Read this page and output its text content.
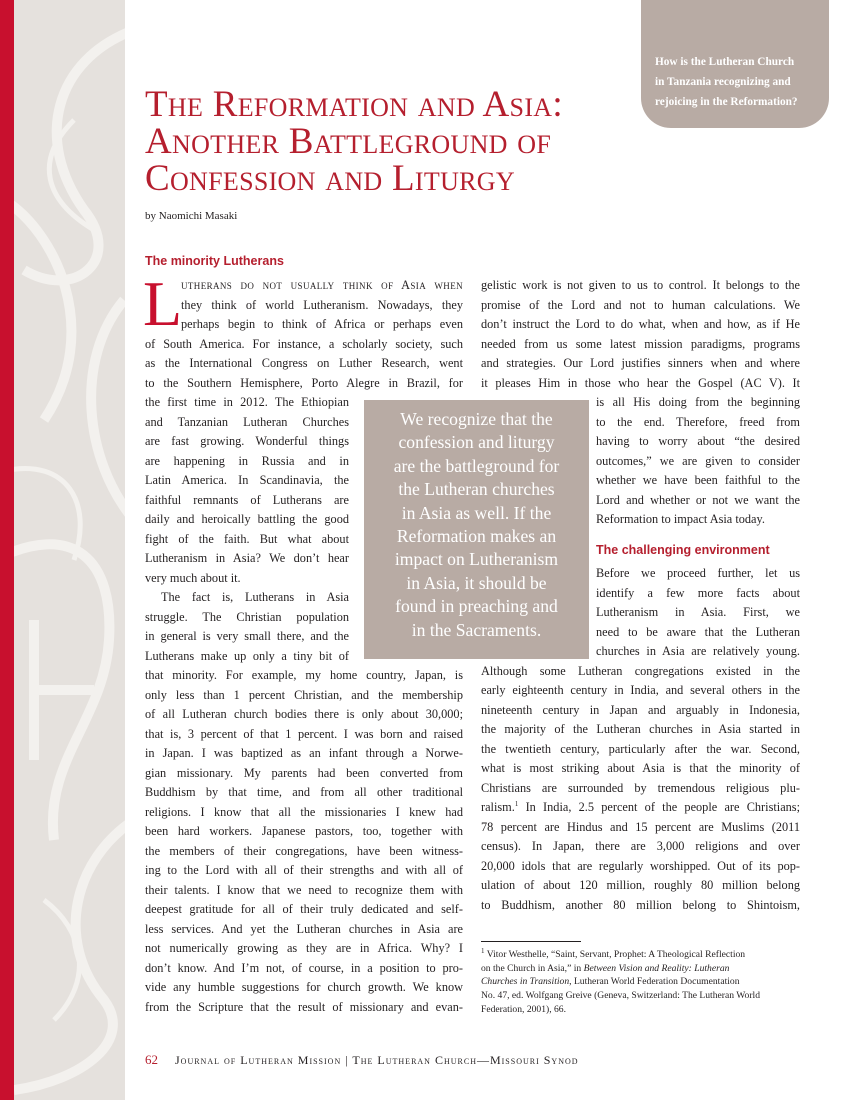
How is the Lutheran Church
in Tanzania recognizing and
rejoicing in the Reformation?

The Reformation and Asia:
Another Battleground of
Confession and Liturgy
by Naomichi Masaki
The minority Lutherans
L
utherans do not usually think of Asia when
they think of world Lutheranism. Nowadays, they
perhaps begin to think of Africa or perhaps even
of South America. For instance, a scholarly society, such
as the International Congress on Luther Research, went
to the Southern Hemisphere, Porto Alegre in Brazil, for
the first time in 2012. The Ethiopian
and Tanzanian Lutheran Churches
are fast growing. Wonderful things
are happening in Russia and in
Latin America. In Scandinavia, the
faithful remnants of Lutherans are
daily and heroically battling the good
fight of the faith. But what about
Lutheranism in Asia? We don’t hear
very much about it.
The fact is, Lutherans in Asia
struggle. The Christian population
in general is very small there, and the
Lutherans make up only a tiny bit of
that minority. For example, my home country, Japan, is
only less than 1 percent Christian, and the membership
of all Lutheran church bodies there is only about 30,000;
that is, 3 percent of that 1 percent. I was born and raised
in Japan. I was baptized as an infant through a Norwe-
gian missionary. My parents had been converted from
Buddhism by that time, and from all other traditional
religions. I know that all the missionaries I knew had
been hard workers. Japanese pastors, too, together with
the members of their congregations, have been witness-
ing to the Lord with all of their strengths and with all of
their talents. I know that we need to recognize them with
deepest gratitude for all of their truly dedicated and self-
less services. And yet the Lutheran churches in Asia are
not numerically growing as they are in Africa. Why? I
don’t know. And I’m not, of course, in a position to pro-
vide any humble suggestions for church growth. We know
from the Scripture that the result of missionary and evan-
We recognize that the
confession and liturgy
are the battleground for
the Lutheran churches
in Asia as well. If the
Reformation makes an
impact on Lutheranism
in Asia, it should be
found in preaching and
in the Sacraments.
gelistic work is not given to us to control. It belongs to the
promise of the Lord and not to human calculations. We
don’t instruct the Lord to do what, when and how, as if He
needed from us some latest mission paradigms, programs
and strategies. Our Lord justifies sinners when and where
it pleases Him in those who hear the Gospel (AC V). It
is all His doing from the beginning
to the end. Therefore, freed from
having to worry about “the desired
outcomes,” we are given to consider
whether we have been faithful to the
Lord and whether or not we want the
Reformation to impact Asia today.
The challenging environment
Before we proceed further, let us
identify a few more facts about
Lutheranism in Asia. First, we
need to be aware that the Lutheran
churches in Asia are relatively young.
Although some Lutheran congregations existed in the
early eighteenth century in India, and several others in the
nineteenth century in Japan and arguably in Indonesia,
the majority of the Lutheran churches in Asia started in
the twentieth century, particularly after the war. Second,
what is most striking about Asia is that the minority of
Christians are surrounded by tremendous religious plu-
ralism.$^1$ In India, 2.5 percent of the people are Christians;
78 percent are Hindus and 15 percent are Muslims (2011
census). In Japan, there are 3,000 religions and over
20,000 idols that are regularly worshipped. Out of its pop-
ulation of about 120 million, roughly 80 million belong
to Buddhism, another 80 million belong to Shintoism,
$^1$ Vitor Westhelle, “Saint, Servant, Prophet: A Theological Reflection
on the Church in Asia,” in Between Vision and Reality: Lutheran
Churches in Transition, Lutheran World Federation Documentation
No. 47, ed. Wolfgang Greive (Geneva, Switzerland: The Lutheran World
Federation, 2001), 66.
62 Journal of Lutheran Mission | The Lutheran Church—Missouri Synod
